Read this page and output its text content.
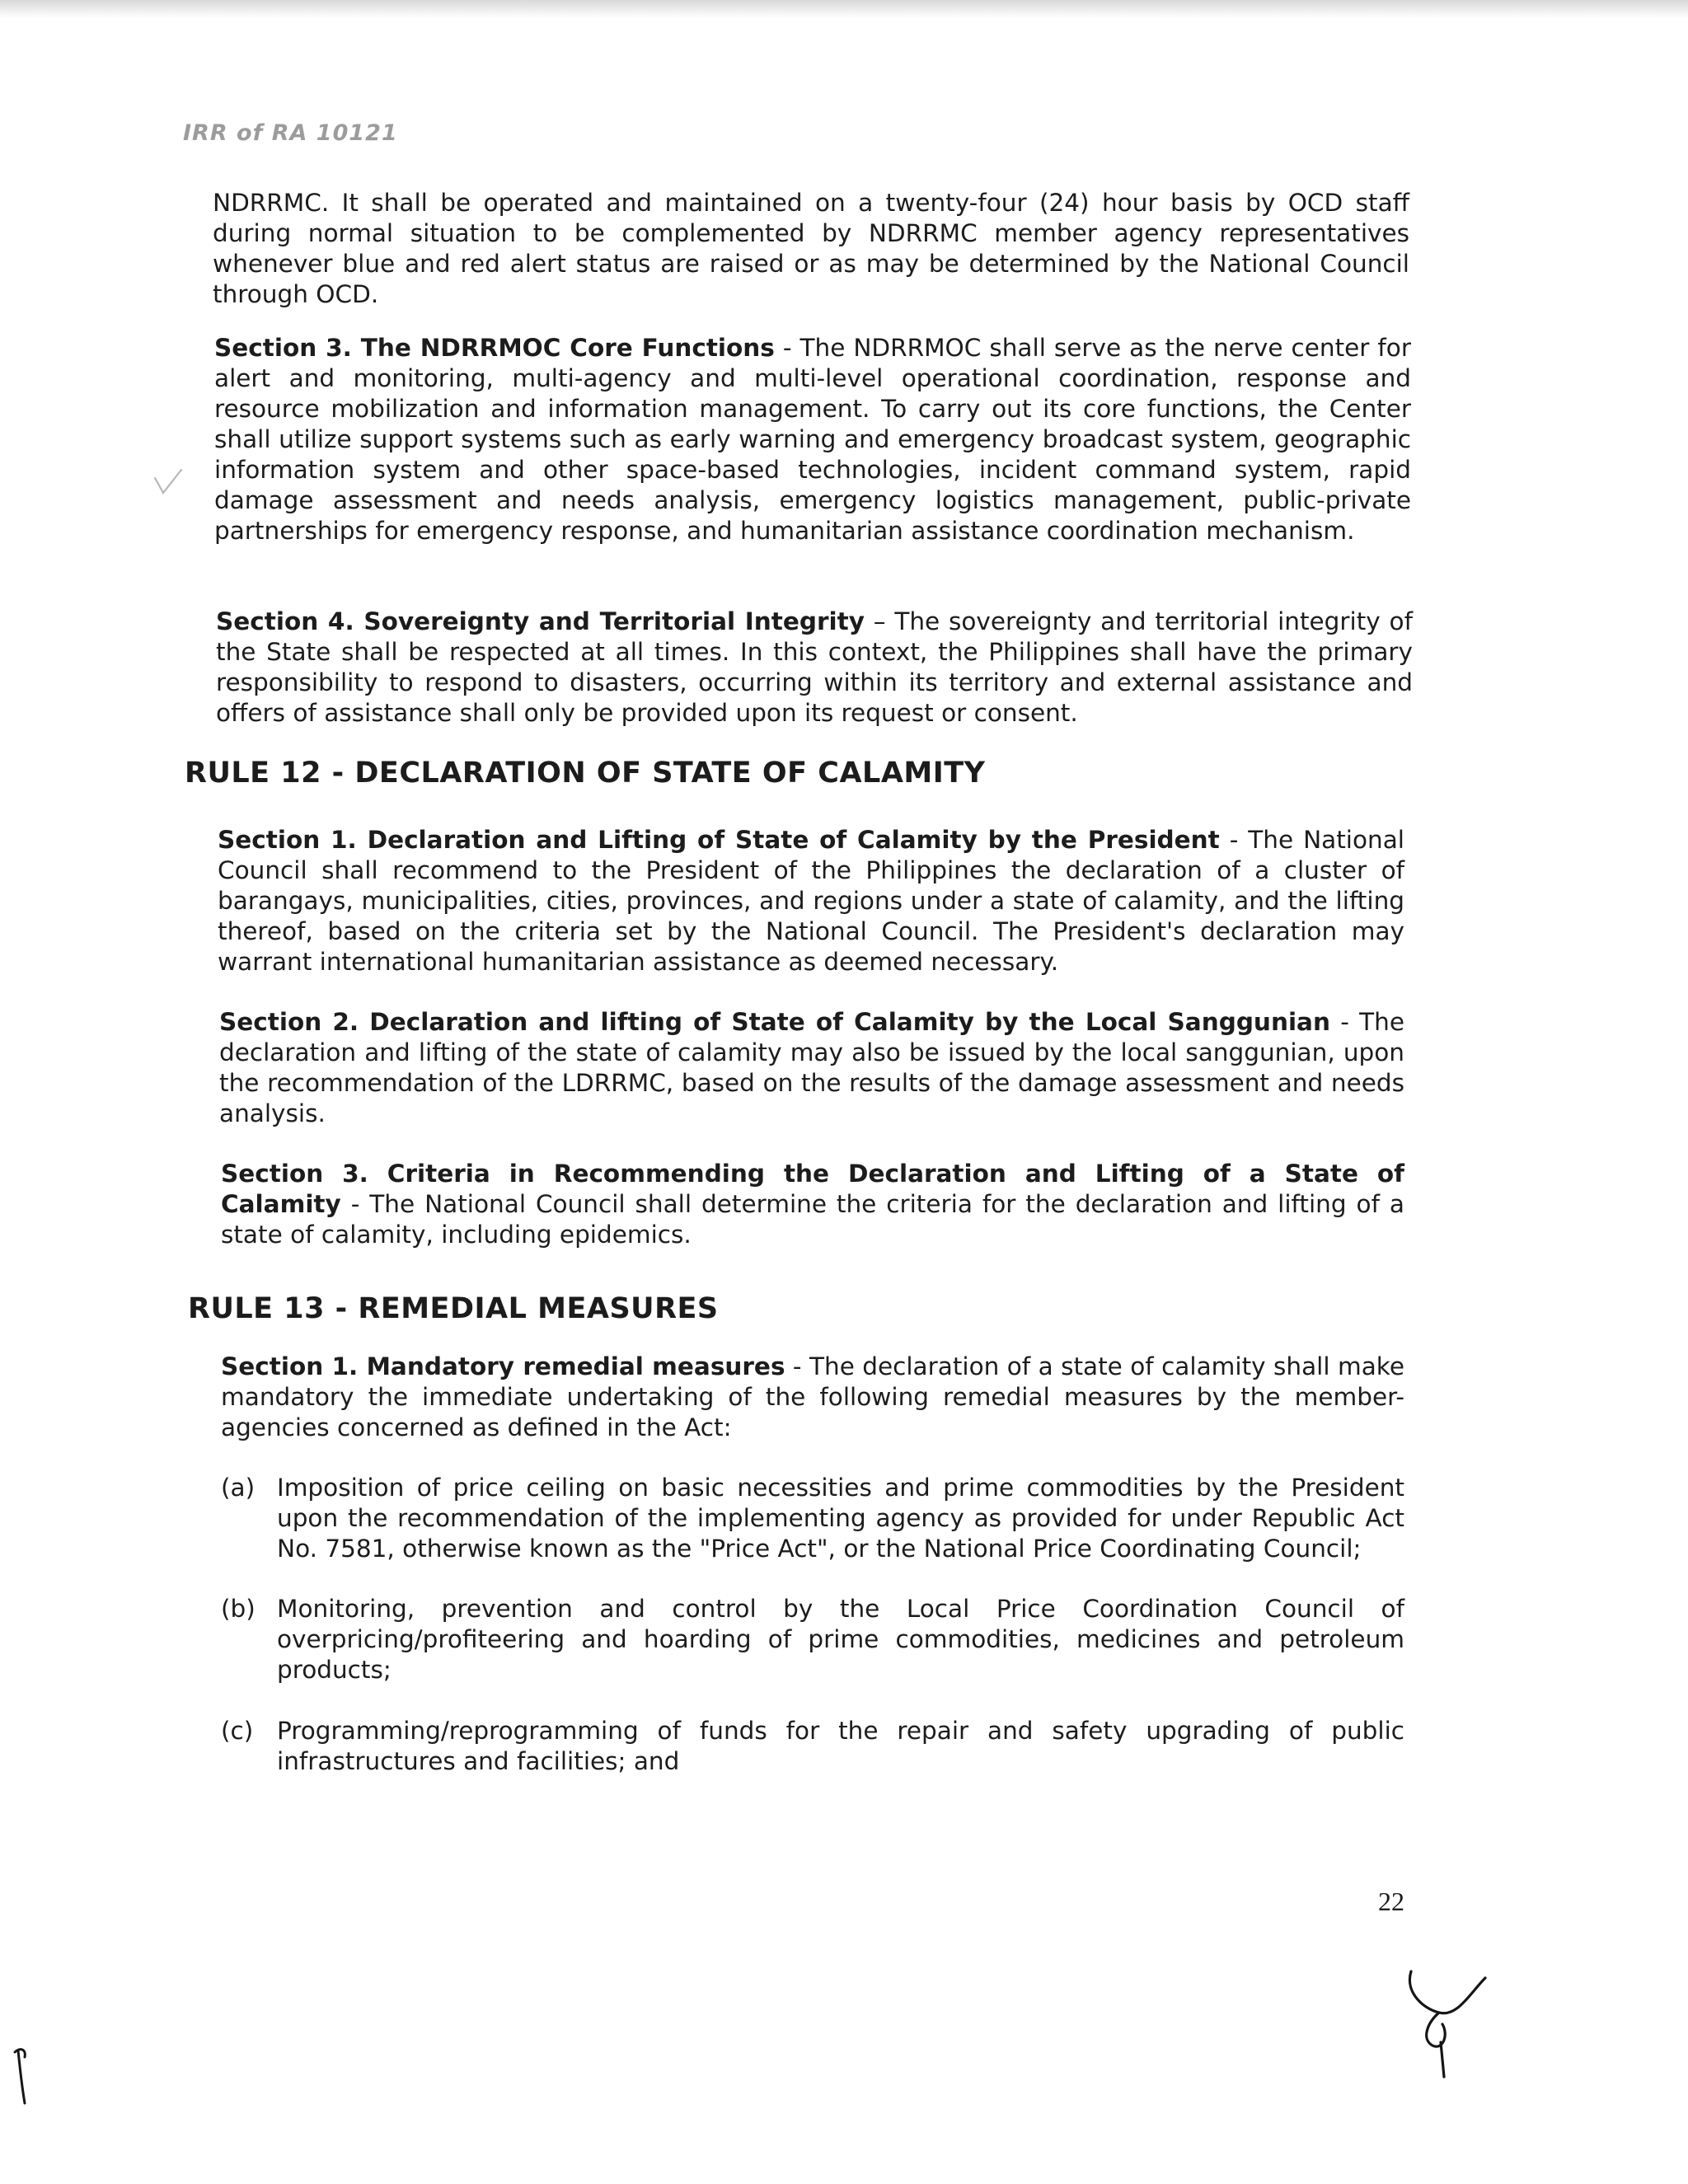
IRR of RA 10121

NDRRMC. It shall be operated and maintained on a twenty-four (24) hour basis by OCD staff during normal situation to be complemented by NDRRMC member agency representatives whenever blue and red alert status are raised or as may be determined by the National Council through OCD.

Section 3. The NDRRMOC Core Functions - The NDRRMOC shall serve as the nerve center for alert and monitoring, multi-agency and multi-level operational coordination, response and resource mobilization and information management. To carry out its core functions, the Center shall utilize support systems such as early warning and emergency broadcast system, geographic information system and other space-based technologies, incident command system, rapid damage assessment and needs analysis, emergency logistics management, public-private partnerships for emergency response, and humanitarian assistance coordination mechanism.

Section 4. Sovereignty and Territorial Integrity – The sovereignty and territorial integrity of the State shall be respected at all times. In this context, the Philippines shall have the primary responsibility to respond to disasters, occurring within its territory and external assistance and offers of assistance shall only be provided upon its request or consent.

RULE 12 - DECLARATION OF STATE OF CALAMITY

Section 1. Declaration and Lifting of State of Calamity by the President - The National Council shall recommend to the President of the Philippines the declaration of a cluster of barangays, municipalities, cities, provinces, and regions under a state of calamity, and the lifting thereof, based on the criteria set by the National Council. The President's declaration may warrant international humanitarian assistance as deemed necessary.

Section 2. Declaration and lifting of State of Calamity by the Local Sanggunian - The declaration and lifting of the state of calamity may also be issued by the local sanggunian, upon the recommendation of the LDRRMC, based on the results of the damage assessment and needs analysis.

Section 3. Criteria in Recommending the Declaration and Lifting of a State of Calamity - The National Council shall determine the criteria for the declaration and lifting of a state of calamity, including epidemics.

RULE 13 - REMEDIAL MEASURES

Section 1. Mandatory remedial measures - The declaration of a state of calamity shall make mandatory the immediate undertaking of the following remedial measures by the member-agencies concerned as defined in the Act:

(a) Imposition of price ceiling on basic necessities and prime commodities by the President upon the recommendation of the implementing agency as provided for under Republic Act No. 7581, otherwise known as the "Price Act", or the National Price Coordinating Council;
(b) Monitoring, prevention and control by the Local Price Coordination Council of overpricing/profiteering and hoarding of prime commodities, medicines and petroleum products;
(c) Programming/reprogramming of funds for the repair and safety upgrading of public infrastructures and facilities; and
22
